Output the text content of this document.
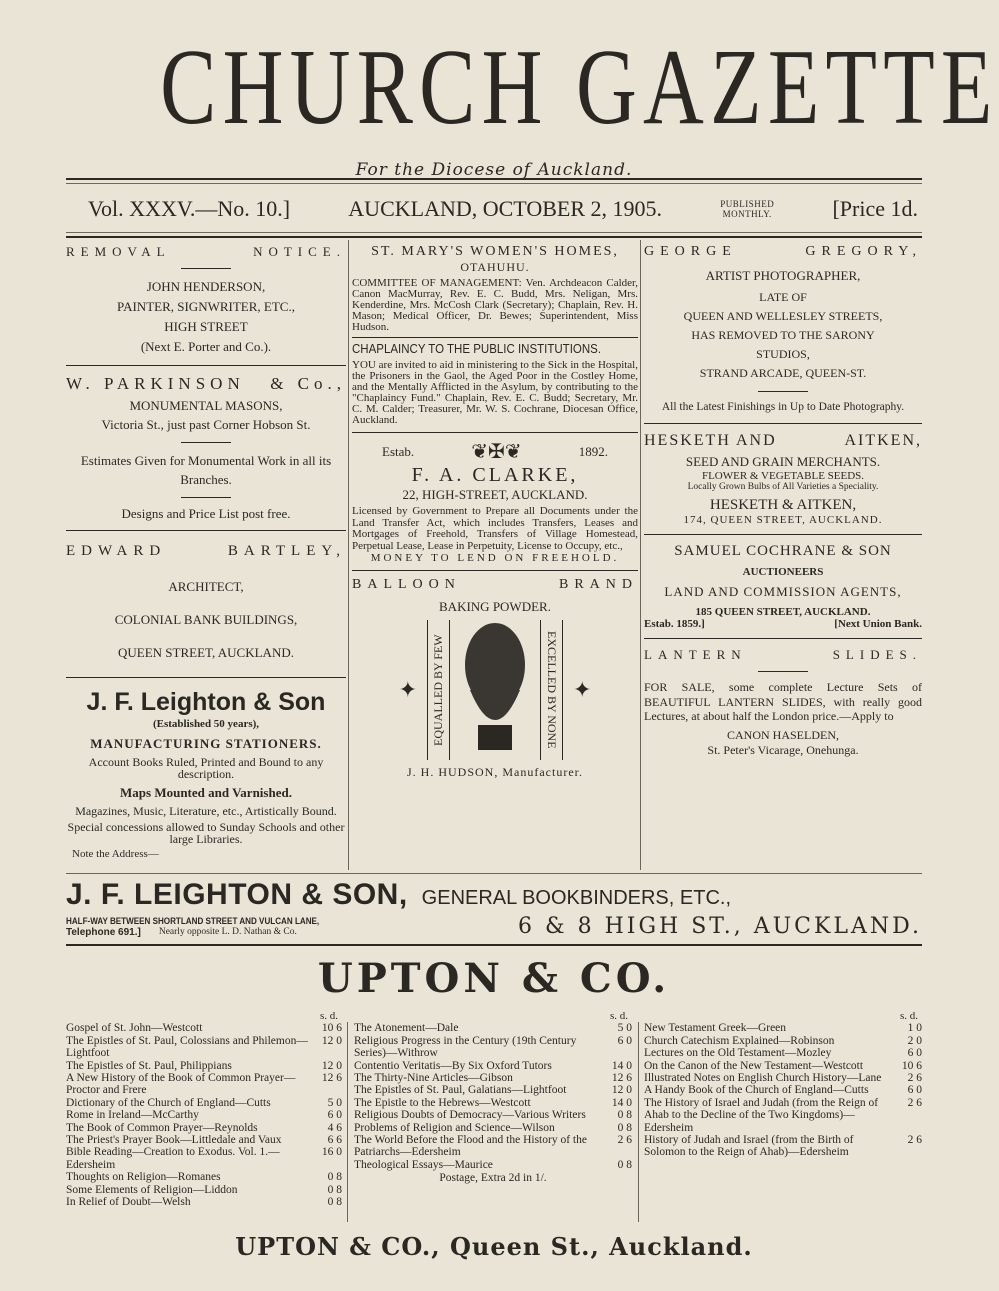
CHURCH GAZETTE
For the Diocese of Auckland.
Vol. XXXV.—No. 10.]	AUCKLAND, OCTOBER 2, 1905.	PUBLISHED
MONTHLY.	[Price 1d.
REMOVAL	NOTICE.
JOHN HENDERSON,
PAINTER, SIGNWRITER, ETC.,
HIGH STREET
(Next E. Porter and Co.).
W. PARKINSON & Co.,
MONUMENTAL MASONS,
Victoria St., just past Corner Hobson St.
Estimates Given for Monumental Work in all its Branches.
Designs and Price List post free.
EDWARD	BARTLEY,
ARCHITECT,
COLONIAL BANK BUILDINGS,
QUEEN STREET, AUCKLAND.
J. F. Leighton & Son
(Established 50 years),
MANUFACTURING STATIONERS.
Account Books Ruled, Printed and Bound to any description.
Maps Mounted and Varnished.
Magazines, Music, Literature, etc., Artistically Bound.
Special concessions allowed to Sunday Schools and other large Libraries.
Note the Address—
ST. MARY'S WOMEN'S HOMES,
OTAHUHU.
COMMITTEE OF MANAGEMENT: Ven. Archdeacon Calder, Canon MacMurray, Rev. E. C. Budd, Mrs. Neligan, Mrs. Kenderdine, Mrs. McCosh Clark (Secretary); Chaplain, Rev. H. Mason; Medical Officer, Dr. Bewes; Superintendent, Miss Hudson.
CHAPLAINCY TO THE PUBLIC INSTITUTIONS.
YOU are invited to aid in ministering to the Sick in the Hospital, the Prisoners in the Gaol, the Aged Poor in the Costley Home, and the Mentally Afflicted in the Asylum, by contributing to the "Chaplaincy Fund." Chaplain, Rev. E. C. Budd; Secretary, Mr. C. M. Calder; Treasurer, Mr. W. S. Cochrane, Diocesan Office, Auckland.
Estab.	❦✠❦	1892.
F. A. CLARKE,
22, HIGH-STREET, AUCKLAND.
Licensed by Government to Prepare all Documents under the Land Transfer Act, which includes Transfers, Leases and Mortgages of Freehold, Transfers of Village Homestead, Perpetual Lease, Lease in Perpetuity, License to Occupy, etc.,
MONEY TO LEND ON FREEHOLD.
BALLOON	BRAND
BAKING POWDER.
✦	EQUALLED BY FEW	EXCELLED BY NONE ✦
J. H. HUDSON, Manufacturer.
GEORGE	GREGORY,
ARTIST PHOTOGRAPHER,
LATE OF
QUEEN AND WELLESLEY STREETS,
HAS REMOVED TO THE SARONY
STUDIOS,
STRAND ARCADE, QUEEN-ST.
All the Latest Finishings in Up to Date Photography.
HESKETH AND	AITKEN,
SEED AND GRAIN MERCHANTS.
FLOWER & VEGETABLE SEEDS.
Locally Grown Bulbs of All Varieties a Speciality.
HESKETH & AITKEN,
174, QUEEN STREET, AUCKLAND.
SAMUEL COCHRANE & SON
AUCTIONEERS
LAND AND COMMISSION AGENTS,
185 QUEEN STREET, AUCKLAND.
Estab. 1859.]	[Next Union Bank.
LANTERN	SLIDES.
FOR SALE, some complete Lecture Sets of BEAUTIFUL LANTERN SLIDES, with really good Lectures, at about half the London price.—Apply to
CANON HASELDEN,
St. Peter's Vicarage, Onehunga.
J. F. LEIGHTON & SON, GENERAL BOOKBINDERS, ETC.,
HALF-WAY BETWEEN SHORTLAND STREET AND VULCAN LANE,
Telephone 691.] Nearly opposite L. D. Nathan & Co.	6 & 8 HIGH ST., AUCKLAND.
UPTON & CO.
s. d.
Gospel of St. John—Westcott	10 6
The Epistles of St. Paul, Colossians and Philemon—Lightfoot
12 0
The Epistles of St. Paul, Philippians	12 0
A New History of the Book of Common Prayer—Proctor and Frere
12 6
Dictionary of the Church of England—Cutts	5 0
Rome in Ireland—McCarthy	6 0
The Book of Common Prayer—Reynolds	4 6
The Priest's Prayer Book—Littledale and Vaux	6 6
Bible Reading—Creation to Exodus. Vol. 1.—Edersheim
16 0
Thoughts on Religion—Romanes	0 8
Some Elements of Religion—Liddon	0 8
In Relief of Doubt—Welsh	0 8
s. d.
The Atonement—Dale	5 0
Religious Progress in the Century (19th Century Series)—Withrow
6 0
Contentio Veritatis—By Six Oxford Tutors	14 0
The Thirty-Nine Articles—Gibson	12 6
The Epistles of St. Paul, Galatians—Lightfoot	12 0
The Epistle to the Hebrews—Westcott	14 0
Religious Doubts of Democracy—Various Writers	0 8
Problems of Religion and Science—Wilson	0 8
The World Before the Flood and the History of the Patriarchs—Edersheim
2 6
Theological Essays—Maurice	0 8
Postage, Extra 2d in 1/.
s. d.
New Testament Greek—Green	1 0
Church Catechism Explained—Robinson	2 0
Lectures on the Old Testament—Mozley	6 0
On the Canon of the New Testament—Westcott	10 6
Illustrated Notes on English Church History—Lane	2 6
A Handy Book of the Church of England—Cutts	6 0
The History of Israel and Judah (from the Reign of Ahab to the Decline of the Two Kingdoms)—Edersheim
2 6
History of Judah and Israel (from the Birth of Solomon to the Reign of Ahab)—Edersheim
2 6
UPTON & CO., Queen St., Auckland.
